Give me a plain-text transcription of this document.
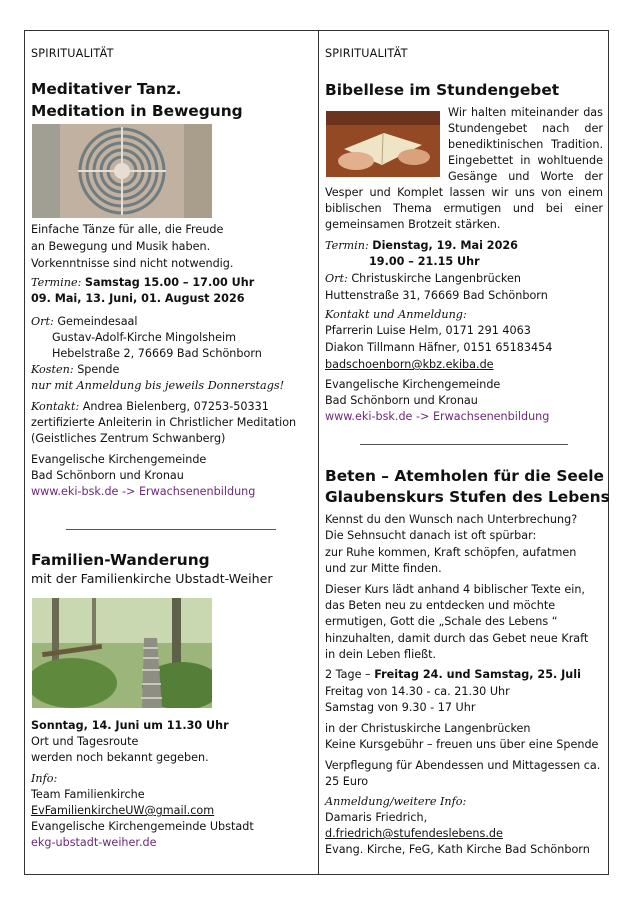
SPIRITUALITÄT
Meditativer Tanz.
Meditation in Bewegung
Einfache Tänze für alle, die Freude
an Bewegung und Musik haben.
Vorkenntnisse sind nicht notwendig.
Termine: Samstag 15.00 – 17.00 Uhr
09. Mai, 13. Juni, 01. August 2026
Ort: Gemeindesaal
Gustav-Adolf-Kirche Mingolsheim
Hebelstraße 2, 76669 Bad Schönborn
Kosten: Spende
nur mit Anmeldung bis jeweils Donnerstags!
Kontakt: Andrea Bielenberg, 07253-50331
zertifizierte Anleiterin in Christlicher Meditation
(Geistliches Zentrum Schwanberg)
Evangelische Kirchengemeinde
Bad Schönborn und Kronau
www.eki-bsk.de -> Erwachsenenbildung
Familien-Wanderung
mit der Familienkirche Ubstadt-Weiher
Sonntag, 14. Juni um 11.30 Uhr
Ort und Tagesroute
werden noch bekannt gegeben.
Info:
Team Familienkirche
EvFamilienkircheUW@gmail.com
Evangelische Kirchengemeinde Ubstadt
ekg-ubstadt-weiher.de
SPIRITUALITÄT
Bibellese im Stundengebet
Wir halten miteinander das
Stundengebet nach der
benediktinischen Tradition.
Eingebettet in wohltuende
Gesänge und Worte der
Vesper und Komplet lassen wir uns von einem
biblischen Thema ermutigen und bei einer
gemeinsamen Brotzeit stärken.
Termin: Dienstag, 19. Mai 2026
19.00 – 21.15 Uhr
Ort: Christuskirche Langenbrücken
Huttenstraße 31, 76669 Bad Schönborn
Kontakt und Anmeldung:
Pfarrerin Luise Helm, 0171 291 4063
Diakon Tillmann Häfner, 0151 65183454
badschoenborn@kbz.ekiba.de
Evangelische Kirchengemeinde
Bad Schönborn und Kronau
www.eki-bsk.de -> Erwachsenenbildung
Beten – Atemholen für die Seele
Glaubenskurs Stufen des Lebens
Kennst du den Wunsch nach Unterbrechung?
Die Sehnsucht danach ist oft spürbar:
zur Ruhe kommen, Kraft schöpfen, aufatmen
und zur Mitte finden.
Dieser Kurs lädt anhand 4 biblischer Texte ein,
das Beten neu zu entdecken und möchte
ermutigen, Gott die „Schale des Lebens “
hinzuhalten, damit durch das Gebet neue Kraft
in dein Leben fließt.
2 Tage – Freitag 24. und Samstag, 25. Juli
Freitag von 14.30 - ca. 21.30 Uhr
Samstag von 9.30 - 17 Uhr
in der Christuskirche Langenbrücken
Keine Kursgebühr – freuen uns über eine Spende
Verpflegung für Abendessen und Mittagessen ca.
25 Euro
Anmeldung/weitere Info:
Damaris Friedrich,
d.friedrich@stufendeslebens.de
Evang. Kirche, FeG, Kath Kirche Bad Schönborn
